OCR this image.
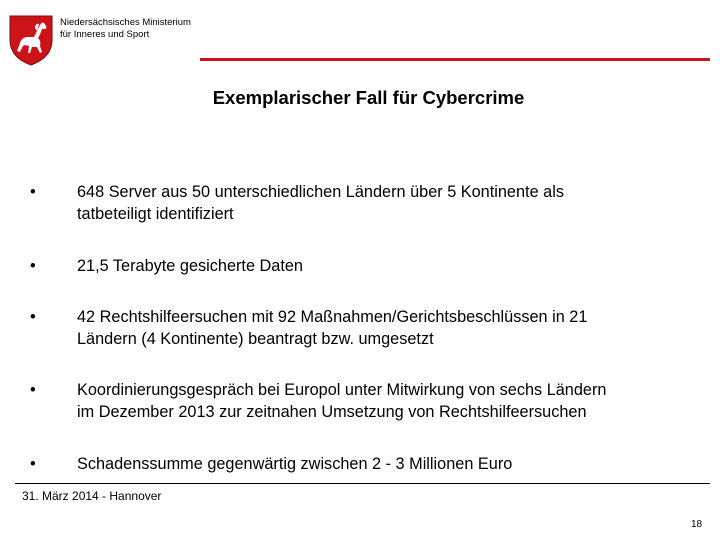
Niedersächsisches Ministerium
für Inneres und Sport
Exemplarischer Fall für Cybercrime
•	648 Server aus 50 unterschiedlichen Ländern über 5 Kontinente als
tatbeteiligt identifiziert
•	21,5 Terabyte gesicherte Daten
•	42 Rechtshilfeersuchen mit 92 Maßnahmen/Gerichtsbeschlüssen in 21
Ländern (4 Kontinente) beantragt bzw. umgesetzt
•	Koordinierungsgespräch bei Europol unter Mitwirkung von sechs Ländern
im Dezember 2013 zur zeitnahen Umsetzung von Rechtshilfeersuchen
•	Schadenssumme gegenwärtig zwischen 2 - 3 Millionen Euro
31. März 2014 - Hannover
18
